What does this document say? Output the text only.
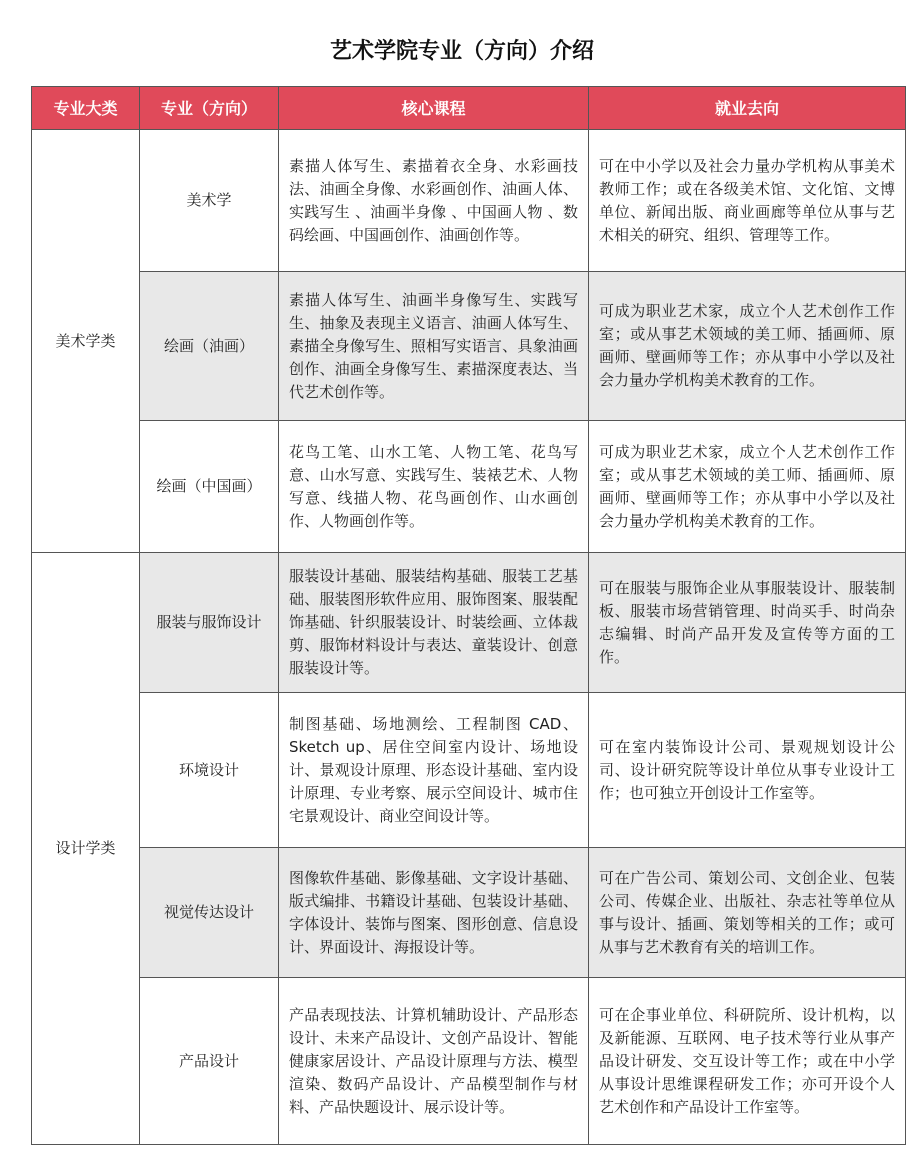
艺术学院专业（方向）介绍
专业大类	专业（方向）	核心课程	就业去向
美术学类	美术学	素描人体写生、素描着衣全身、水彩画技法、油画全身像、水彩画创作、油画人体、实践写生 、油画半身像 、中国画人物 、数码绘画、中国画创作、油画创作等。	可在中小学以及社会力量办学机构从事美术教师工作；或在各级美术馆、文化馆、文博单位、新闻出版、商业画廊等单位从事与艺术相关的研究、组织、管理等工作。
	绘画（油画）	素描人体写生、油画半身像写生、实践写生、抽象及表现主义语言、油画人体写生、素描全身像写生、照相写实语言、具象油画创作、油画全身像写生、素描深度表达、当代艺术创作等。	可成为职业艺术家，成立个人艺术创作工作室；或从事艺术领域的美工师、插画师、原画师、壁画师等工作；亦从事中小学以及社会力量办学机构美术教育的工作。
	绘画（中国画）	花鸟工笔、山水工笔、人物工笔、花鸟写意、山水写意、实践写生、装裱艺术、人物写意、线描人物、花鸟画创作、山水画创作、人物画创作等。	可成为职业艺术家，成立个人艺术创作工作室；或从事艺术领域的美工师、插画师、原画师、壁画师等工作；亦从事中小学以及社会力量办学机构美术教育的工作。
设计学类	服装与服饰设计	服装设计基础、服装结构基础、服装工艺基础、服装图形软件应用、服饰图案、服装配饰基础、针织服装设计、时装绘画、立体裁剪、服饰材料设计与表达、童装设计、创意服装设计等。	可在服装与服饰企业从事服装设计、服装制板、服装市场营销管理、时尚买手、时尚杂志编辑、时尚产品开发及宣传等方面的工作。
	环境设计	制图基础、场地测绘、工程制图 CAD、Sketch up、居住空间室内设计、场地设计、景观设计原理、形态设计基础、室内设计原理、专业考察、展示空间设计、城市住宅景观设计、商业空间设计等。	可在室内装饰设计公司、景观规划设计公司、设计研究院等设计单位从事专业设计工作；也可独立开创设计工作室等。
	视觉传达设计	图像软件基础、影像基础、文字设计基础、版式编排、书籍设计基础、包装设计基础、字体设计、装饰与图案、图形创意、信息设计、界面设计、海报设计等。	可在广告公司、策划公司、文创企业、包装公司、传媒企业、出版社、杂志社等单位从事与设计、插画、策划等相关的工作；或可从事与艺术教育有关的培训工作。
	产品设计	产品表现技法、计算机辅助设计、产品形态设计、未来产品设计、文创产品设计、智能健康家居设计、产品设计原理与方法、模型渲染、数码产品设计、产品模型制作与材料、产品快题设计、展示设计等。	可在企事业单位、科研院所、设计机构，以及新能源、互联网、电子技术等行业从事产品设计研发、交互设计等工作；或在中小学从事设计思维课程研发工作；亦可开设个人艺术创作和产品设计工作室等。
